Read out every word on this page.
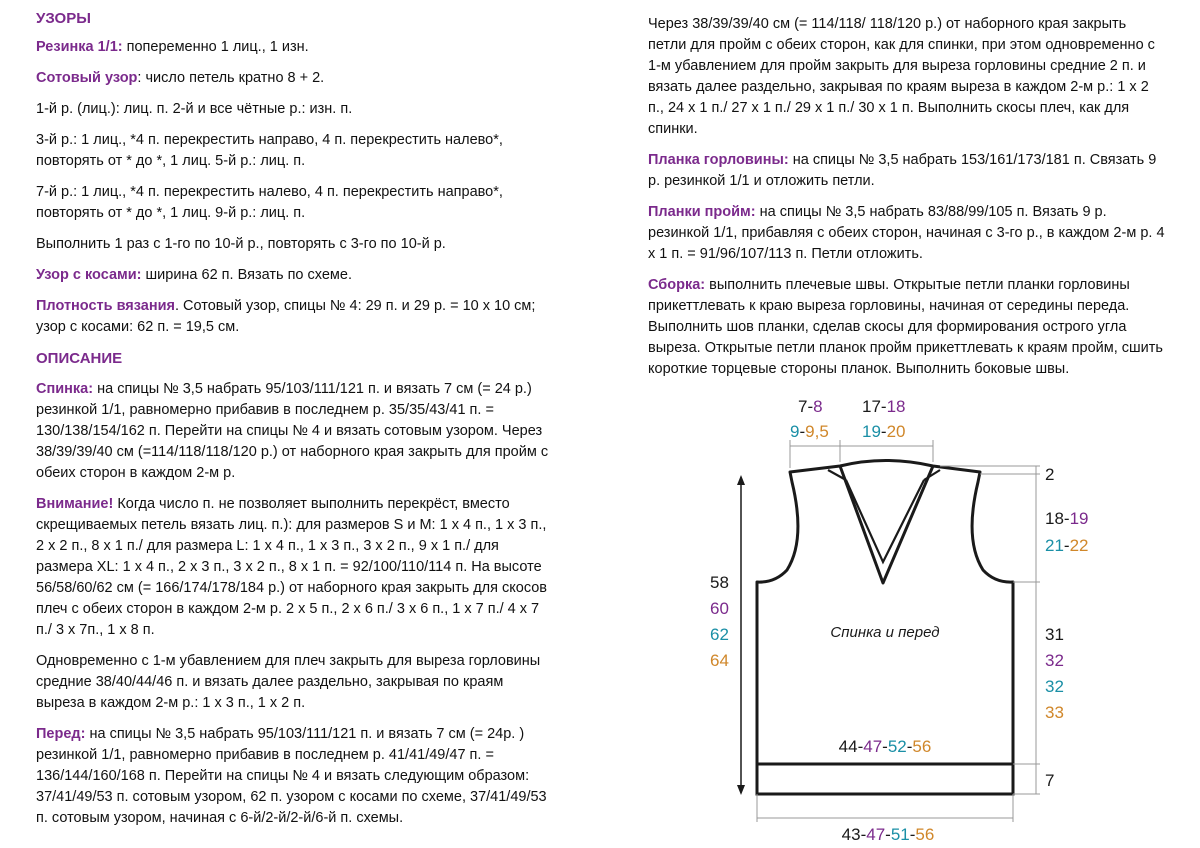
УЗОРЫ

Резинка 1/1: попеременно 1 лиц., 1 изн.

Сотовый узор: число петель кратно 8 + 2.

1-й р. (лиц.): лиц. п. 2-й и все чётные р.: изн. п.

3-й р.: 1 лиц., *4 п. перекрестить направо, 4 п. перекрестить налево*,
повторять от * до *, 1 лиц. 5-й р.: лиц. п.

7-й р.: 1 лиц., *4 п. перекрестить налево, 4 п. перекрестить направо*,
повторять от * до *, 1 лиц. 9-й р.: лиц. п.

Выполнить 1 раз с 1-го по 10-й р., повторять с 3-го по 10-й р.

Узор с косами: ширина 62 п. Вязать по схеме.

Плотность вязания. Сотовый узор, спицы № 4: 29 п. и 29 р. = 10 х 10 см;
узор с косами: 62 п. = 19,5 см.

ОПИСАНИЕ

Спинка: на спицы № 3,5 набрать 95/103/111/121 п. и вязать 7 см (= 24 р.)
резинкой 1/1, равномерно прибавив в последнем р. 35/35/43/41 п. =
130/138/154/162 п. Перейти на спицы № 4 и вязать сотовым узором. Через
38/39/39/40 см (=114/118/118/120 р.) от наборного края закрыть для пройм с
обеих сторон в каждом 2-м р.

Внимание! Когда число п. не позволяет выполнить перекрёст, вместо
скрещиваемых петель вязать лиц. п.): для размеров S и M: 1 х 4 п., 1 х 3 п.,
2 х 2 п., 8 х 1 п./ для размера L: 1 х 4 п., 1 х 3 п., 3 х 2 п., 9 х 1 п./ для
размера XL: 1 х 4 п., 2 х 3 п., 3 х 2 п., 8 х 1 п. = 92/100/110/114 п. На высоте
56/58/60/62 см (= 166/174/178/184 р.) от наборного края закрыть для скосов
плеч с обеих сторон в каждом 2-м р. 2 х 5 п., 2 х 6 п./ 3 х 6 п., 1 х 7 п./ 4 х 7
п./ 3 х 7п., 1 х 8 п.

Одновременно с 1-м убавлением для плеч закрыть для выреза горловины
средние 38/40/44/46 п. и вязать далее раздельно, закрывая по краям
выреза в каждом 2-м р.: 1 х 3 п., 1 х 2 п.

Перед: на спицы № 3,5 набрать 95/103/111/121 п. и вязать 7 см (= 24р. )
резинкой 1/1, равномерно прибавив в последнем р. 41/41/49/47 п. =
136/144/160/168 п. Перейти на спицы № 4 и вязать следующим образом:
37/41/49/53 п. сотовым узором, 62 п. узором с косами по схеме, 37/41/49/53
п. сотовым узором, начиная с 6-й/2-й/2-й/6-й п. схемы.

Через 38/39/39/40 см (= 114/118/ 118/120 р.) от наборного края закрыть
петли для пройм с обеих сторон, как для спинки, при этом одновременно с
1-м убавлением для пройм закрыть для выреза горловины средние 2 п. и
вязать далее раздельно, закрывая по краям выреза в каждом 2-м р.: 1 х 2
п., 24 х 1 п./ 27 х 1 п./ 29 х 1 п./ 30 х 1 п. Выполнить скосы плеч, как для
спинки.

Планка горловины: на спицы № 3,5 набрать 153/161/173/181 п. Связать 9
р. резинкой 1/1 и отложить петли.

Планки пройм: на спицы № 3,5 набрать 83/88/99/105 п. Вязать 9 р.
резинкой 1/1, прибавляя с обеих сторон, начиная с 3-го р., в каждом 2-м р. 4
х 1 п. = 91/96/107/113 п. Петли отложить.

Сборка: выполнить плечевые швы. Открытые петли планки горловины
прикеттлевать к краю выреза горловины, начиная от середины переда.
Выполнить шов планки, сделав скосы для формирования острого угла
выреза. Открытые петли планок пройм прикеттлевать к краям пройм, сшить
короткие торцевые стороны планок. Выполнить боковые швы.

7-8
9-9,5
17-18
19-20
2
18-19
21-22
58
60
62
64
31
32
32
33
Спинка и перед
44-47-52-56
7
43-47-51-56
